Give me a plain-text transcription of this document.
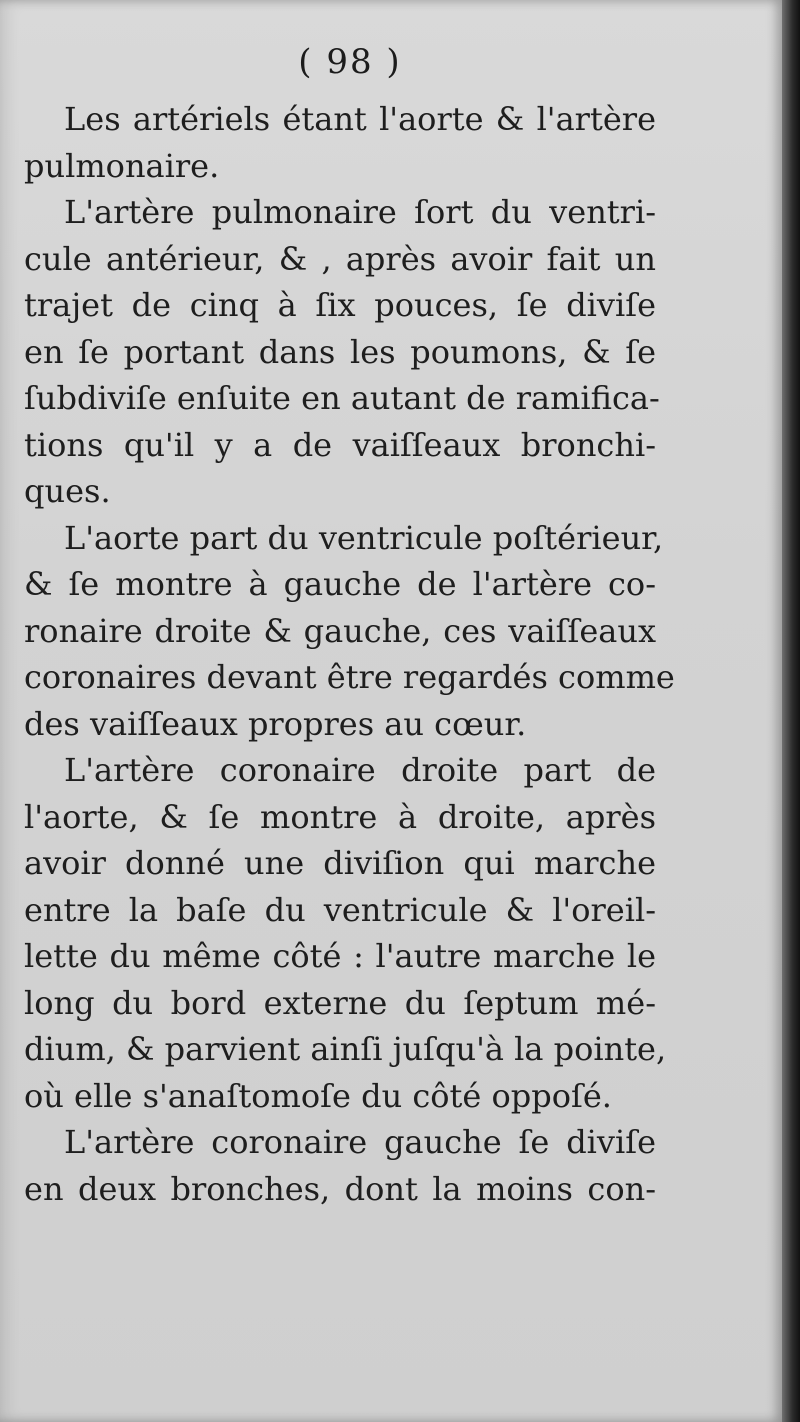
( 98 )
Les artériels étant l'aorte & l'artère
pulmonaire.
L'artère pulmonaire ſort du ventri-
cule antérieur, & , après avoir fait un
trajet de cinq à ſix pouces, ſe diviſe
en ſe portant dans les poumons, & ſe
ſubdiviſe enſuite en autant de ramifica-
tions qu'il y a de vaiſſeaux bronchi-
ques.
L'aorte part du ventricule poſtérieur,
& ſe montre à gauche de l'artère co-
ronaire droite & gauche, ces vaiſſeaux
coronaires devant être regardés comme
des vaiſſeaux propres au cœur.
L'artère coronaire droite part de
l'aorte, & ſe montre à droite, après
avoir donné une diviſion qui marche
entre la baſe du ventricule & l'oreil-
lette du même côté : l'autre marche le
long du bord externe du ſeptum mé-
dium, & parvient ainſi juſqu'à la pointe,
où elle s'anaſtomoſe du côté oppoſé.
L'artère coronaire gauche ſe diviſe
en deux bronches, dont la moins con-
